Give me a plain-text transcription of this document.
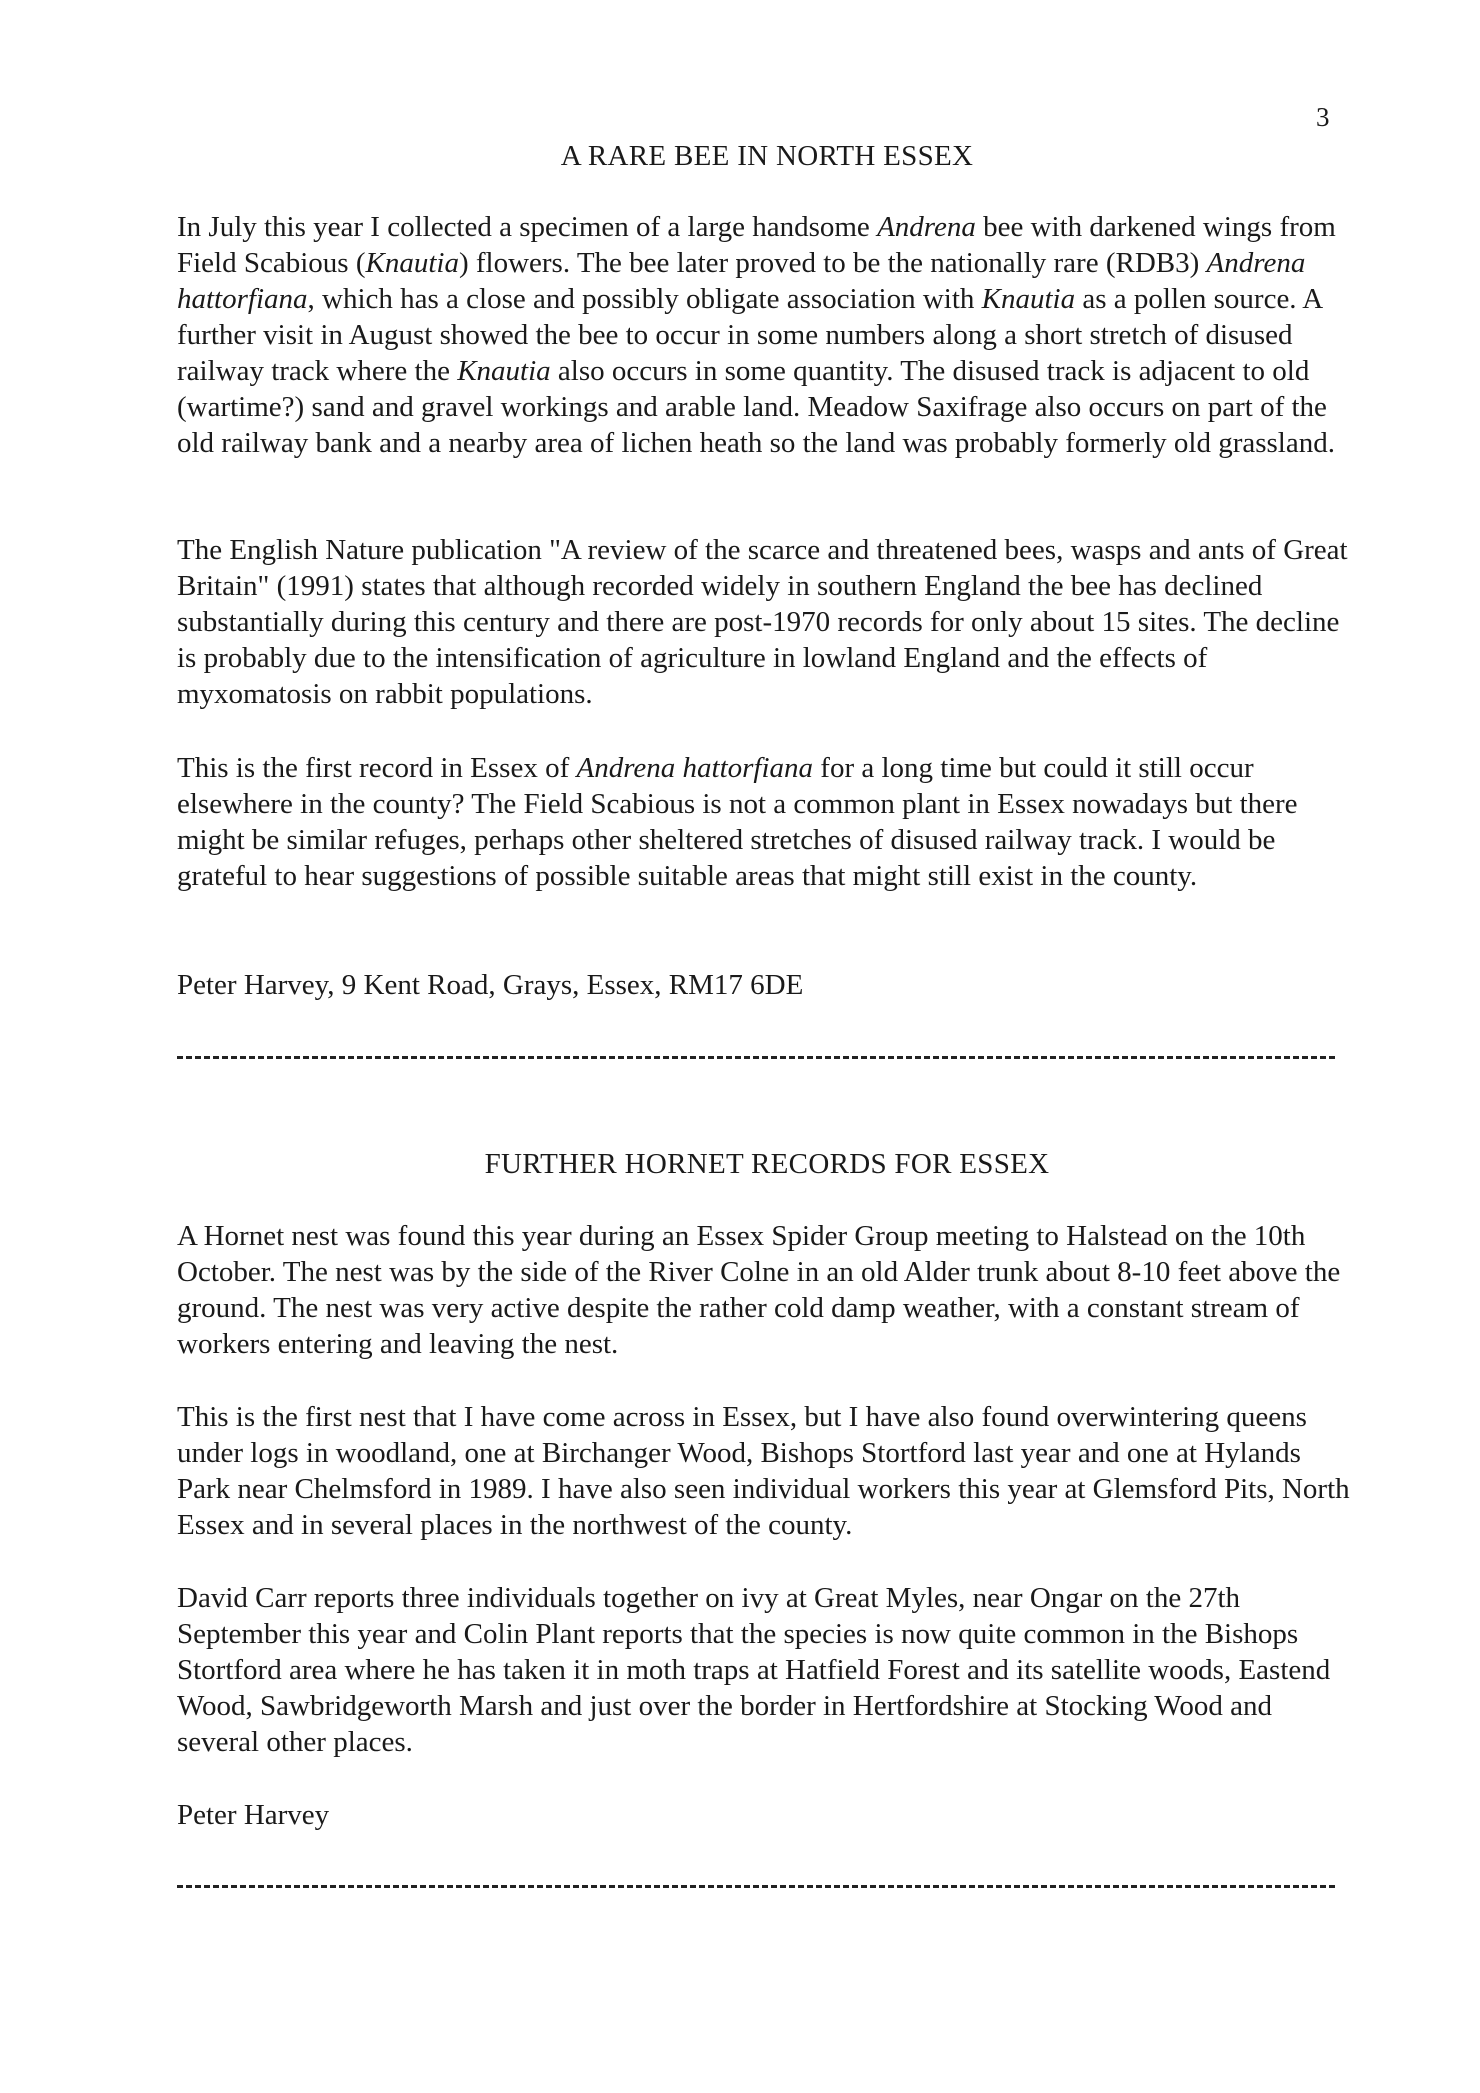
3
A RARE BEE IN NORTH ESSEX

In July this year I collected a specimen of a large handsome Andrena bee with darkened wings from Field Scabious (Knautia) flowers. The bee later proved to be the nationally rare (RDB3) Andrena hattorfiana, which has a close and possibly obligate association with Knautia as a pollen source. A further visit in August showed the bee to occur in some numbers along a short stretch of disused railway track where the Knautia also occurs in some quantity. The disused track is adjacent to old (wartime?) sand and gravel workings and arable land. Meadow Saxifrage also occurs on part of the old railway bank and a nearby area of lichen heath so the land was probably formerly old grassland.

The English Nature publication "A review of the scarce and threatened bees, wasps and ants of Great Britain" (1991) states that although recorded widely in southern England the bee has declined substantially during this century and there are post-1970 records for only about 15 sites. The decline is probably due to the intensification of agriculture in lowland England and the effects of myxomatosis on rabbit populations.

This is the first record in Essex of Andrena hattorfiana for a long time but could it still occur elsewhere in the county? The Field Scabious is not a common plant in Essex nowadays but there might be similar refuges, perhaps other sheltered stretches of disused railway track. I would be grateful to hear suggestions of possible suitable areas that might still exist in the county.

Peter Harvey, 9 Kent Road, Grays, Essex, RM17 6DE

FURTHER HORNET RECORDS FOR ESSEX

A Hornet nest was found this year during an Essex Spider Group meeting to Halstead on the 10th October. The nest was by the side of the River Colne in an old Alder trunk about 8-10 feet above the ground. The nest was very active despite the rather cold damp weather, with a constant stream of workers entering and leaving the nest.

This is the first nest that I have come across in Essex, but I have also found overwintering queens under logs in woodland, one at Birchanger Wood, Bishops Stortford last year and one at Hylands Park near Chelmsford in 1989. I have also seen individual workers this year at Glemsford Pits, North Essex and in several places in the northwest of the county.

David Carr reports three individuals together on ivy at Great Myles, near Ongar on the 27th September this year and Colin Plant reports that the species is now quite common in the Bishops Stortford area where he has taken it in moth traps at Hatfield Forest and its satellite woods, Eastend Wood, Sawbridgeworth Marsh and just over the border in Hertfordshire at Stocking Wood and several other places.

Peter Harvey
